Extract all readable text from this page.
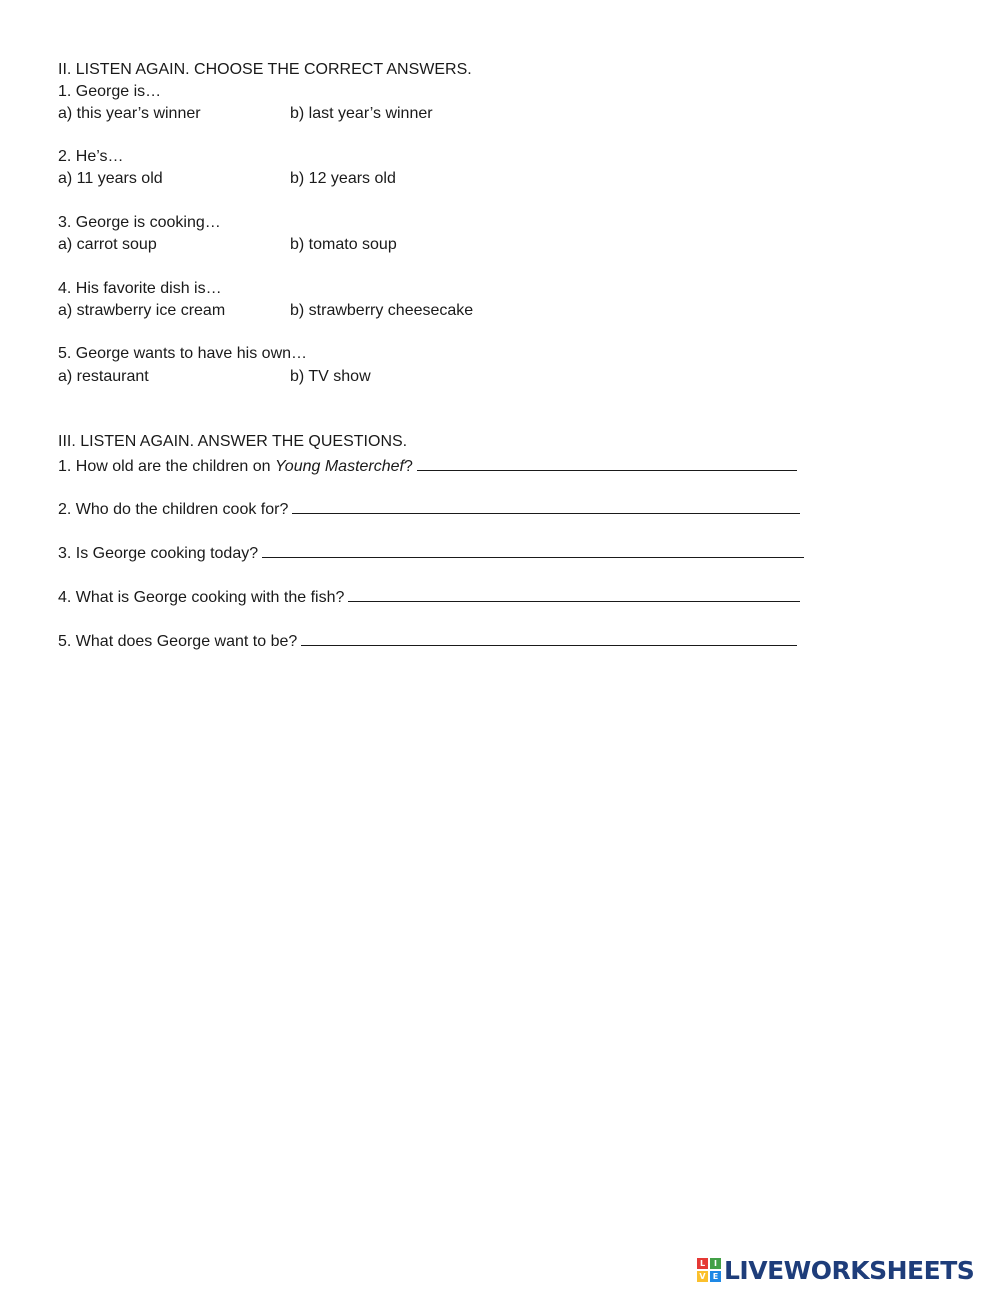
II. LISTEN AGAIN. CHOOSE THE CORRECT ANSWERS.
1. George is…
a) this year’s winner	b) last year’s winner
2. He’s…
a) 11 years old	b) 12 years old
3. George is cooking…
a) carrot soup	b) tomato soup
4. His favorite dish is…
a) strawberry ice cream	b) strawberry cheesecake
5. George wants to have his own…
a) restaurant	b) TV show
III. LISTEN AGAIN. ANSWER THE QUESTIONS.
1. How old are the children on Young Masterchef?
2. Who do the children cook for?
3. Is George cooking today?
4. What is George cooking with the fish?
5. What does George want to be?
L	I
V E LIVEWORKSHEETS
